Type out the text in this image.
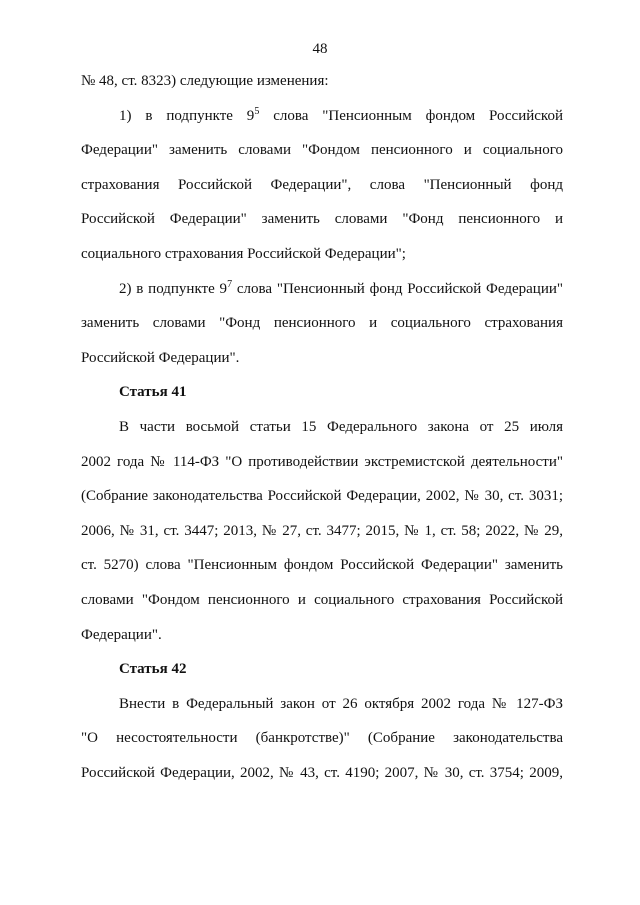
48
№ 48, ст. 8323) следующие изменения:
1) в подпункте $9^5$ слова "Пенсионным фондом Российской
Федерации" заменить словами "Фондом пенсионного и социального
страхования Российской Федерации", слова "Пенсионный фонд
Российской Федерации" заменить словами "Фонд пенсионного и
социального страхования Российской Федерации";
2) в подпункте $9^7$ слова "Пенсионный фонд Российской Федерации"
заменить словами "Фонд пенсионного и социального страхования
Российской Федерации".
Статья 41
В части восьмой статьи 15 Федерального закона от 25 июля
2002 года № 114-ФЗ "О противодействии экстремистской деятельности"
(Собрание законодательства Российской Федерации, 2002, № 30, ст. 3031;
2006, № 31, ст. 3447; 2013, № 27, ст. 3477; 2015, № 1, ст. 58; 2022, № 29,
ст. 5270) слова "Пенсионным фондом Российской Федерации" заменить
словами "Фондом пенсионного и социального страхования Российской
Федерации".
Статья 42
Внести в Федеральный закон от 26 октября 2002 года № 127-ФЗ
"О несостоятельности (банкротстве)" (Собрание законодательства
Российской Федерации, 2002, № 43, ст. 4190; 2007, № 30, ст. 3754; 2009,
